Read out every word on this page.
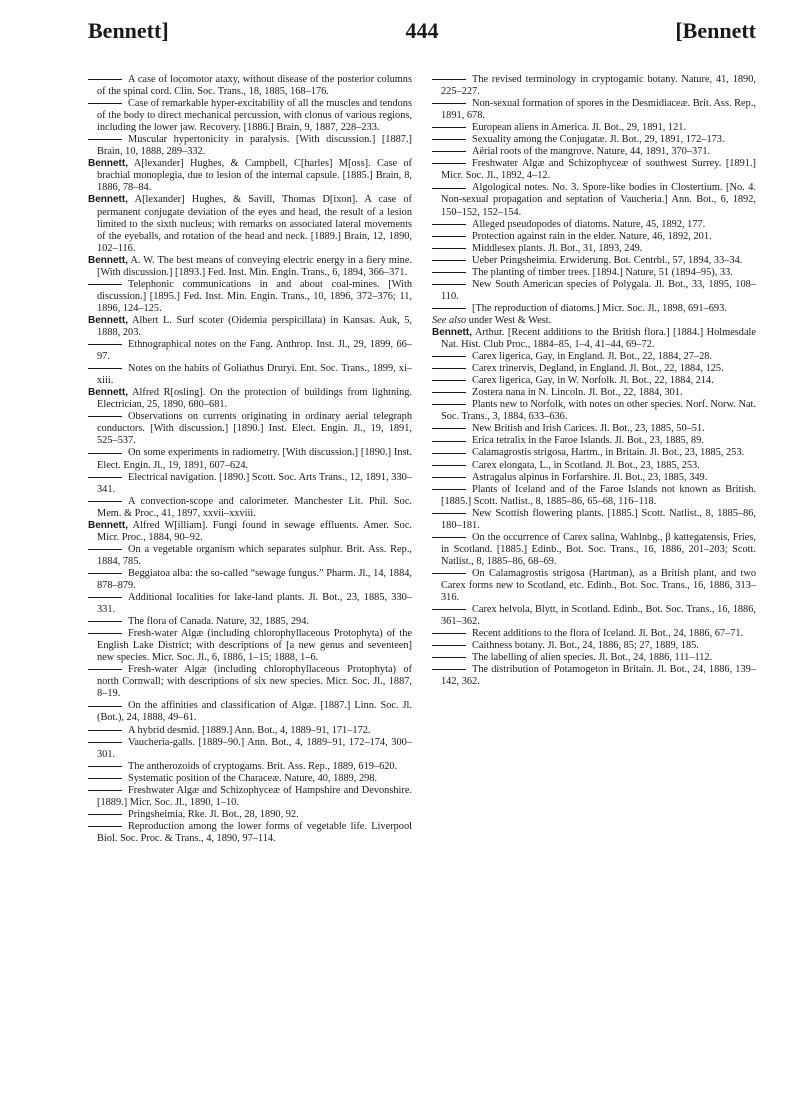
Bennett]	444	[Bennett

A case of locomotor ataxy, without disease of the posterior columns of the spinal cord. Clin. Soc. Trans., 18, 1885, 168–176.

Case of remarkable hyper-excitability of all the muscles and tendons of the body to direct mechanical percussion, with clonus of various regions, including the lower jaw. Recovery. [1886.] Brain, 9, 1887, 228–233.

Muscular hypertonicity in paralysis. [With discussion.] [1887.] Brain, 10, 1888, 289–332.

Bennett, A[lexander] Hughes, & Campbell, C[harles] M[oss]. Case of brachial monoplegia, due to lesion of the internal capsule. [1885.] Brain, 8, 1886, 78–84.

Bennett, A[lexander] Hughes, & Savill, Thomas D[ixon]. A case of permanent conjugate deviation of the eyes and head, the result of a lesion limited to the sixth nucleus; with remarks on associated lateral movements of the eyeballs, and rotation of the head and neck. [1889.] Brain, 12, 1890, 102–116.

Bennett, A. W. The best means of conveying electric energy in a fiery mine. [With discussion.] [1893.] Fed. Inst. Min. Engin. Trans., 6, 1894, 366–371.

Telephonic communications in and about coal-mines. [With discussion.] [1895.] Fed. Inst. Min. Engin. Trans., 10, 1896, 372–376; 11, 1896, 124–125.

Bennett, Albert L. Surf scoter (Oidemia perspicillata) in Kansas. Auk, 5, 1888, 203.

Ethnographical notes on the Fang. Anthrop. Inst. Jl., 29, 1899, 66–97.

Notes on the habits of Goliathus Druryi. Ent. Soc. Trans., 1899, xi–xiii.

Bennett, Alfred R[osling]. On the protection of buildings from lightning. Electrician, 25, 1890, 680–681.

Observations on currents originating in ordinary aerial telegraph conductors. [With discussion.] [1890.] Inst. Elect. Engin. Jl., 19, 1891, 525–537.

On some experiments in radiometry. [With discussion.] [1890.] Inst. Elect. Engin. Jl., 19, 1891, 607–624.

Electrical navigation. [1890.] Scott. Soc. Arts Trans., 12, 1891, 330–341.

A convection-scope and calorimeter. Manchester Lit. Phil. Soc. Mem. & Proc., 41, 1897, xxvii–xxviii.

Bennett, Alfred W[illiam]. Fungi found in sewage effluents. Amer. Soc. Micr. Proc., 1884, 90–92.

On a vegetable organism which separates sulphur. Brit. Ass. Rep., 1884, 785.

Beggiatoa alba: the so-called “sewage fungus.” Pharm. Jl., 14, 1884, 878–879.

Additional localities for lake-land plants. Jl. Bot., 23, 1885, 330–331.

The flora of Canada. Nature, 32, 1885, 294.

Fresh-water Algæ (including chlorophyllaceous Protophyta) of the English Lake District; with descriptions of [a new genus and seventeen] new species. Micr. Soc. Jl., 6, 1886, 1–15; 1888, 1–6.

Fresh-water Algæ (including chlorophyllaceous Protophyta) of north Cornwall; with descriptions of six new species. Micr. Soc. Jl., 1887, 8–19.

On the affinities and classification of Algæ. [1887.] Linn. Soc. Jl. (Bot.), 24, 1888, 49–61.

A hybrid desmid. [1889.] Ann. Bot., 4, 1889–91, 171–172.

Vaucheria-galls. [1889–90.] Ann. Bot., 4, 1889–91, 172–174, 300–301.

The antherozoids of cryptogams. Brit. Ass. Rep., 1889, 619–620.

Systematic position of the Characeæ. Nature, 40, 1889, 298.

Freshwater Algæ and Schizophyceæ of Hampshire and Devonshire. [1889.] Micr. Soc. Jl., 1890, 1–10.

Pringsheimia, Rke. Jl. Bot., 28, 1890, 92.

Reproduction among the lower forms of vegetable life. Liverpool Biol. Soc. Proc. & Trans., 4, 1890, 97–114.

The revised terminology in cryptogamic botany. Nature, 41, 1890, 225–227.

Non-sexual formation of spores in the Desmidiaceæ. Brit. Ass. Rep., 1891, 678.

European aliens in America. Jl. Bot., 29, 1891, 121.

Sexuality among the Conjugatæ. Jl. Bot., 29, 1891, 172–173.

Aërial roots of the mangrove. Nature, 44, 1891, 370–371.

Freshwater Algæ and Schizophyceæ of southwest Surrey. [1891.] Micr. Soc. Jl., 1892, 4–12.

Algological notes. No. 3. Spore-like bodies in Clostertium. [No. 4. Non-sexual propagation and septation of Vaucheria.] Ann. Bot., 6, 1892, 150–152, 152–154.

Alleged pseudopodes of diatoms. Nature, 45, 1892, 177.

Protection against rain in the elder. Nature, 46, 1892, 201.

Middlesex plants. Jl. Bot., 31, 1893, 249.

Ueber Pringsheimia. Erwiderung. Bot. Centrbl., 57, 1894, 33–34.

The planting of timber trees. [1894.] Nature, 51 (1894–95), 33.

New South American species of Polygala. Jl. Bot., 33, 1895, 108–110.

[The reproduction of diatoms.] Micr. Soc. Jl., 1898, 691–693.

See also under West & West.

Bennett, Arthur. [Recent additions to the British flora.] [1884.] Holmesdale Nat. Hist. Club Proc., 1884–85, 1–4, 41–44, 69–72.

Carex ligerica, Gay, in England. Jl. Bot., 22, 1884, 27–28.

Carex trinervis, Degland, in England. Jl. Bot., 22, 1884, 125.

Carex ligerica, Gay, in W. Norfolk. Jl. Bot., 22, 1884, 214.

Zostera nana in N. Lincoln. Jl. Bot., 22, 1884, 301.

Plants new to Norfolk, with notes on other species. Norf. Norw. Nat. Soc. Trans., 3, 1884, 633–636.

New British and Irish Carices. Jl. Bot., 23, 1885, 50–51.

Erica tetralix in the Faroe Islands. Jl. Bot., 23, 1885, 89.

Calamagrostis strigosa, Hartm., in Britain. Jl. Bot., 23, 1885, 253.

Carex elongata, L., in Scotland. Jl. Bot., 23, 1885, 253.

Astragalus alpinus in Forfarshire. Jl. Bot., 23, 1885, 349.

Plants of Iceland and of the Faroe Islands not known as British. [1885.] Scott. Natlist., 8, 1885–86, 65–68, 116–118.

New Scottish flowering plants. [1885.] Scott. Natlist., 8, 1885–86, 180–181.

On the occurrence of Carex salina, Wahlnbg., β kattegatensis, Fries, in Scotland. [1885.] Edinb., Bot. Soc. Trans., 16, 1886, 201–203; Scott. Natlist., 8, 1885–86, 68–69.

On Calamagrostis strigosa (Hartman), as a British plant, and two Carex forms new to Scotland, etc. Edinb., Bot. Soc. Trans., 16, 1886, 313–316.

Carex helvola, Blytt, in Scotland. Edinb., Bot. Soc. Trans., 16, 1886, 361–362.

Recent additions to the flora of Iceland. Jl. Bot., 24, 1886, 67–71.

Caithness botany. Jl. Bot., 24, 1886, 85; 27, 1889, 185.

The labelling of alien species. Jl. Bot., 24, 1886, 111–112.

The distribution of Potamogeton in Britain. Jl. Bot., 24, 1886, 139–142, 362.
